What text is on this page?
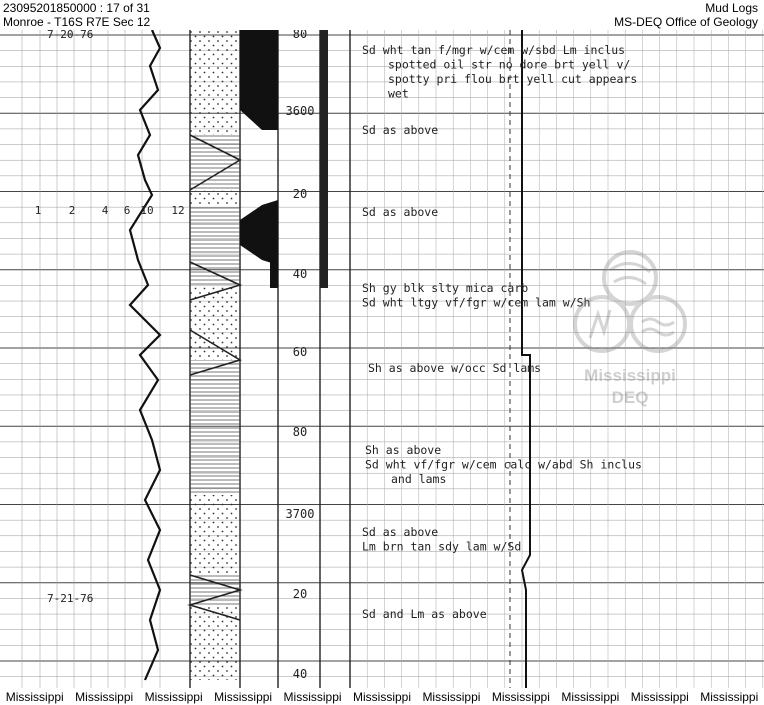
23095201850000 : 17 of 31
Monroe - T16S R7E Sec 12
Mud Logs
MS-DEQ Office of Geology
80
3600
20
40
60
80
3700
20
40
1 2 4 6 10 12
7-20-76
7-21-76
Sd wht tan f/mgr w/cem w/sbd Lm inclus
spotted oil str no dore brt yell v/
spotty pri flou brt yell cut appears
wet
Sd as above
Sd as above
Sh gy blk slty mica carb
Sd wht ltgy vf/fgr w/cem lam w/Sh
Sh as above w/occ Sd lams
Sh as above
Sd wht vf/fgr w/cem calc w/abd Sh inclus
and lams
Sd as above
Lm brn tan sdy lam w/Sd
Sd and Lm as above
Mississippi
DEQ
Mississippi Mississippi Mississippi Mississippi Mississippi Mississippi Mississippi Mississippi Mississippi Mississippi Mississippi
